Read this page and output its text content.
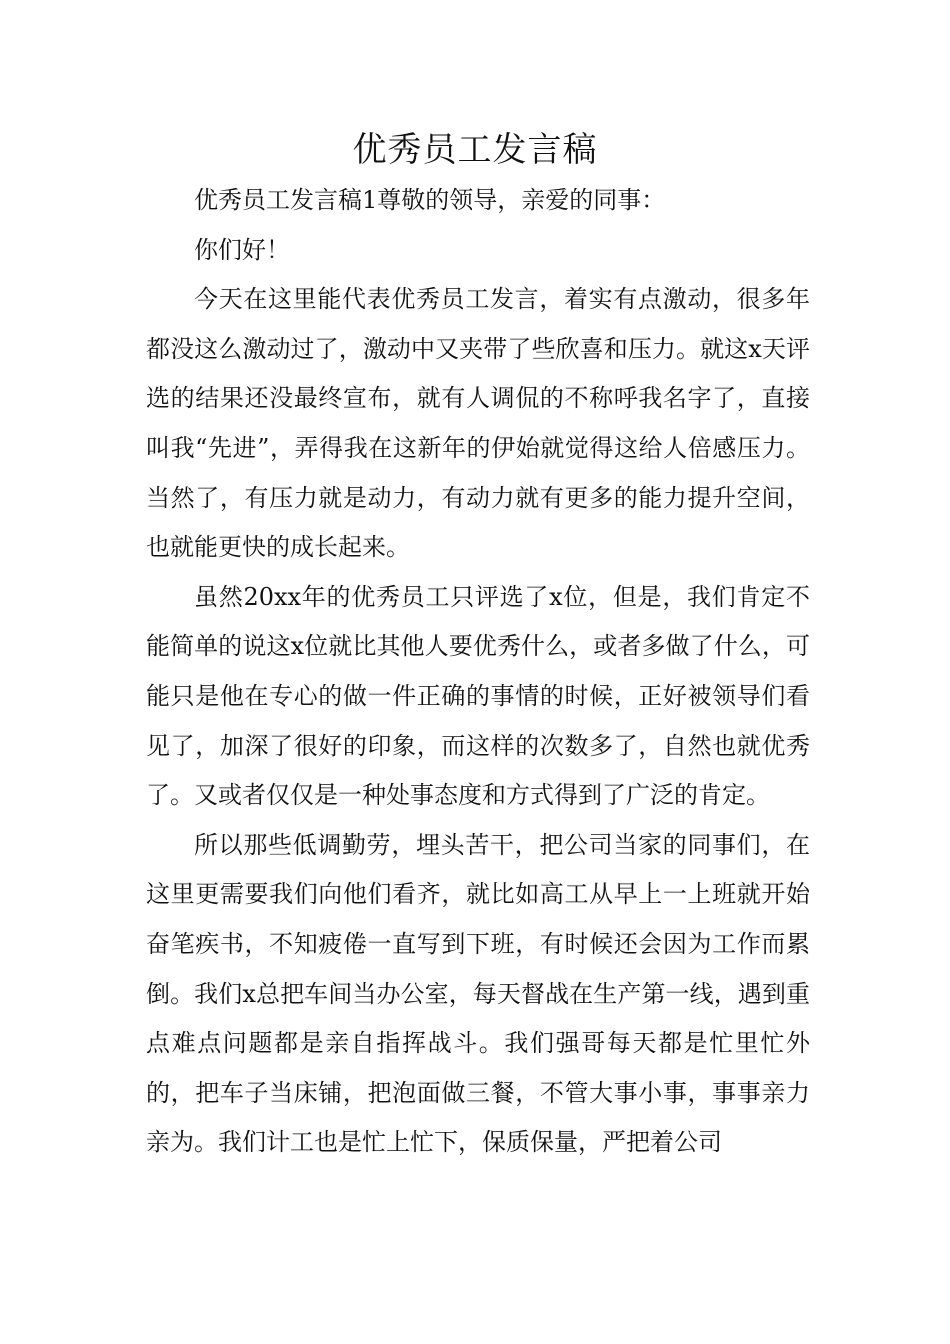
优秀员工发言稿

优秀员工发言稿1尊敬的领导，亲爱的同事：

你们好！

今天在这里能代表优秀员工发言，着实有点激动，很多年都没这么激动过了，激动中又夹带了些欣喜和压力。就这x天评选的结果还没最终宣布，就有人调侃的不称呼我名字了，直接叫我“先进”，弄得我在这新年的伊始就觉得这给人倍感压力。当然了，有压力就是动力，有动力就有更多的能力提升空间，也就能更快的成长起来。

虽然20xx年的优秀员工只评选了x位，但是，我们肯定不能简单的说这x位就比其他人要优秀什么，或者多做了什么，可能只是他在专心的做一件正确的事情的时候，正好被领导们看见了，加深了很好的印象，而这样的次数多了，自然也就优秀了。又或者仅仅是一种处事态度和方式得到了广泛的肯定。

所以那些低调勤劳，埋头苦干，把公司当家的同事们，在这里更需要我们向他们看齐，就比如高工从早上一上班就开始奋笔疾书，不知疲倦一直写到下班，有时候还会因为工作而累倒。我们x总把车间当办公室，每天督战在生产第一线，遇到重点难点问题都是亲自指挥战斗。我们强哥每天都是忙里忙外的，把车子当床铺，把泡面做三餐，不管大事小事，事事亲力亲为。我们计工也是忙上忙下，保质保量，严把着公司
